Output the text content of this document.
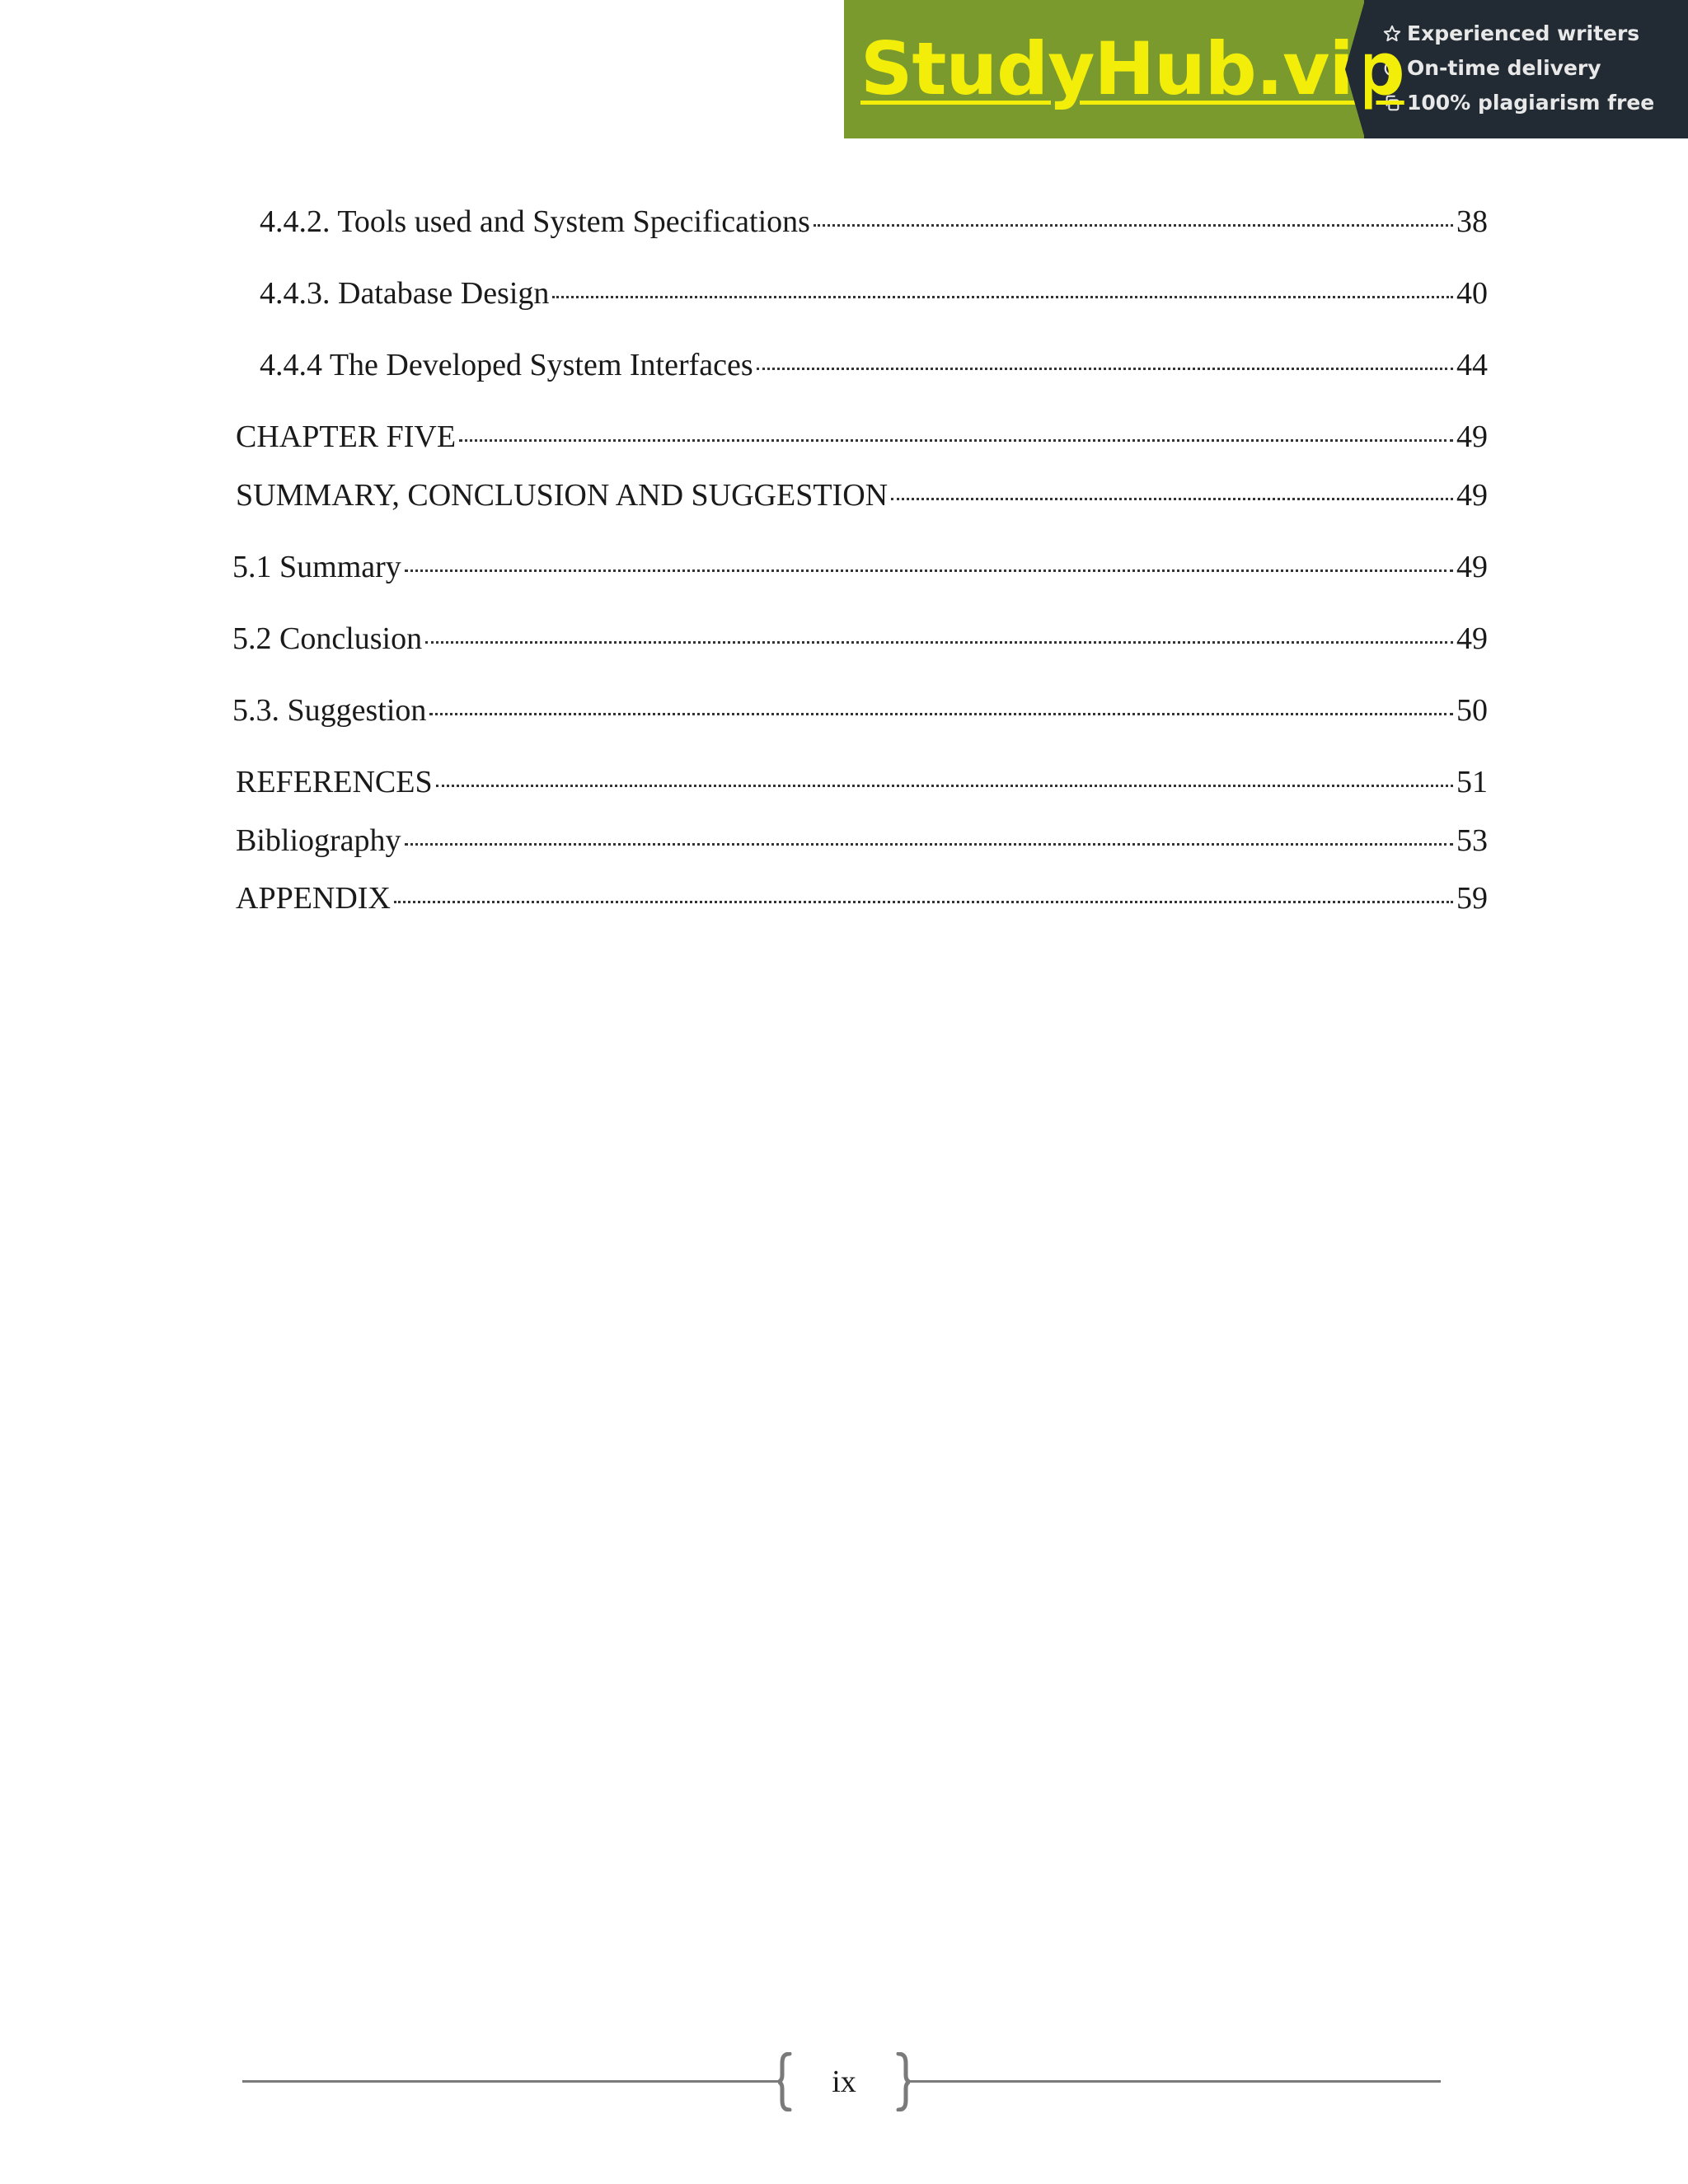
StudyHub.vip Experienced writers
On-time delivery
100% plagiarism free
4.4.2. Tools used and System Specifications	38
4.4.3. Database Design	40
4.4.4 The Developed System Interfaces	44
CHAPTER FIVE	49
SUMMARY, CONCLUSION AND SUGGESTION	49
5.1 Summary	49
5.2 Conclusion	49
5.3. Suggestion	50
REFERENCES	51
Bibliography	53
APPENDIX	59
ix
